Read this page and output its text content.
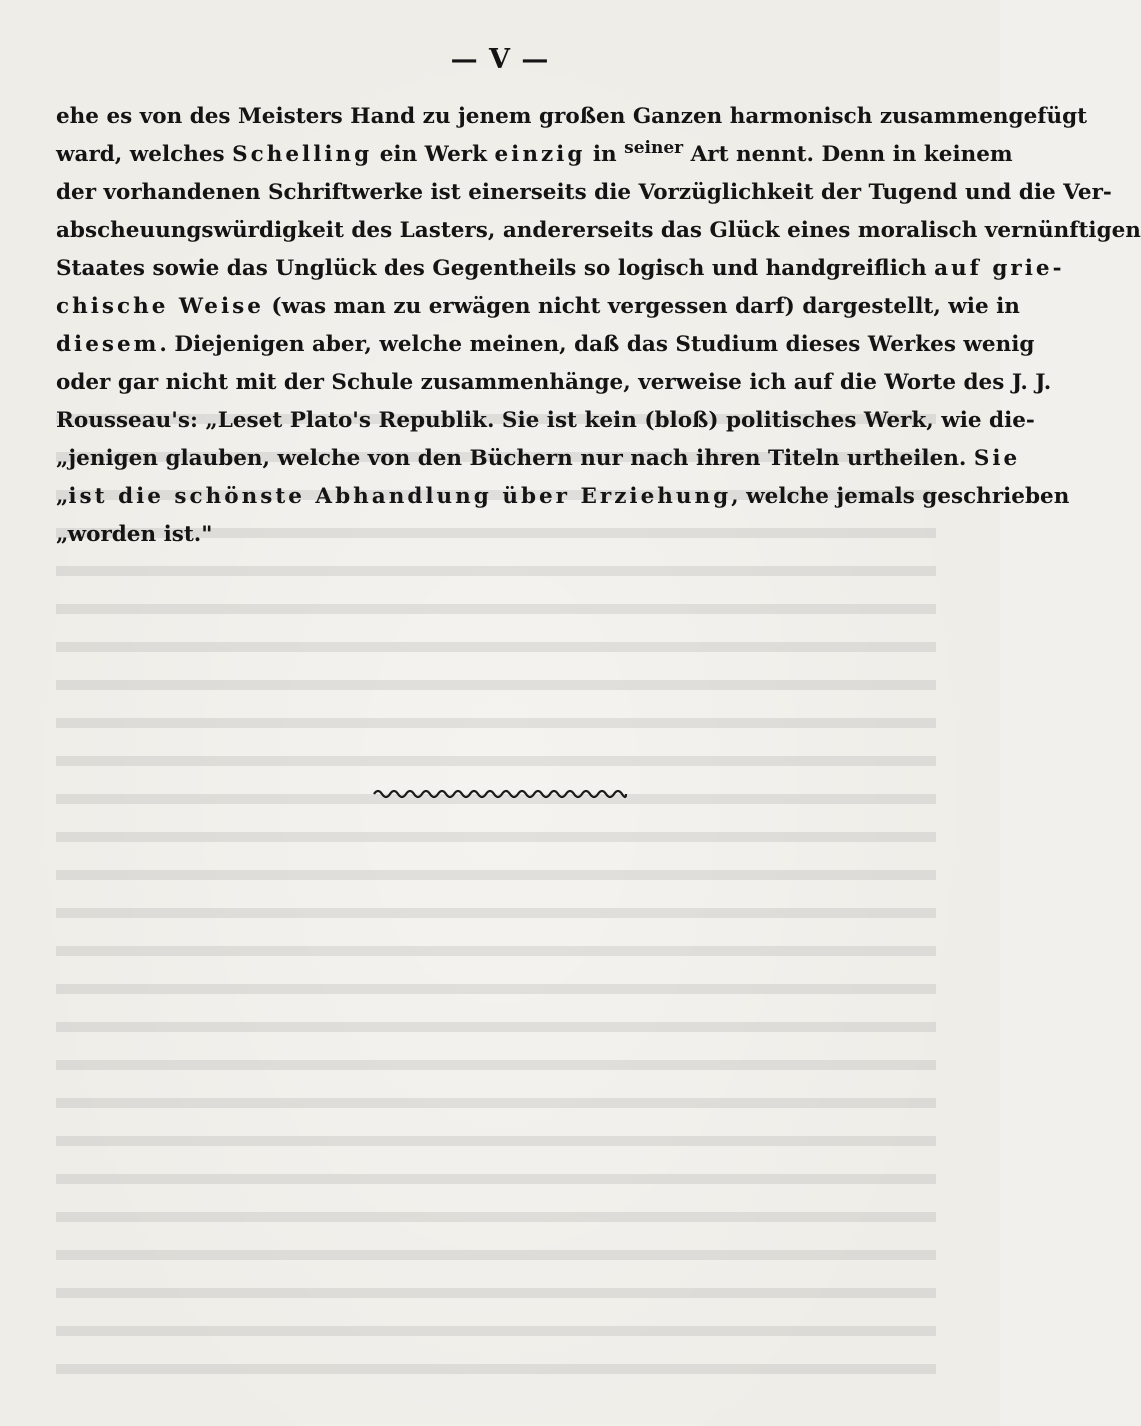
— V —
ehe es von des Meisters Hand zu jenem großen Ganzen harmonisch zusammengefügt
ward, welches Schelling ein Werk einzig in $^{seiner}$ Art nennt. Denn in keinem
der vorhandenen Schriftwerke ist einerseits die Vorzüglichkeit der Tugend und die Ver-
abscheuungswürdigkeit des Lasters, andererseits das Glück eines moralisch vernünftigen
Staates sowie das Unglück des Gegentheils so logisch und handgreiflich auf grie-
chische Weise (was man zu erwägen nicht vergessen darf) dargestellt, wie in
diesem. Diejenigen aber, welche meinen, daß das Studium dieses Werkes wenig
oder gar nicht mit der Schule zusammenhänge, verweise ich auf die Worte des J. J.
Rousseau's: „Leset Plato's Republik. Sie ist kein (bloß) politisches Werk, wie die-
„jenigen glauben, welche von den Büchern nur nach ihren Titeln urtheilen. Sie
„ist die schönste Abhandlung über Erziehung, welche jemals geschrieben
„worden ist."
